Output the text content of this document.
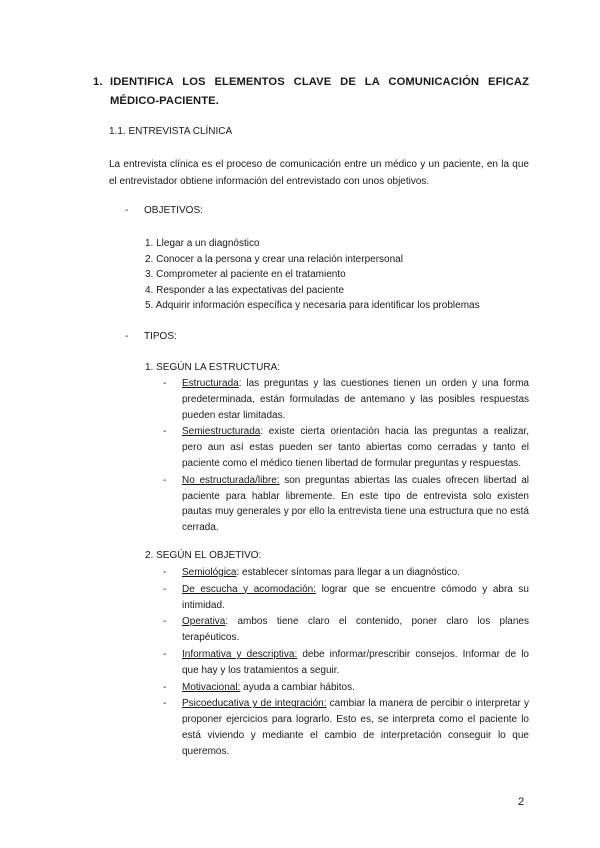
1. IDENTIFICA LOS ELEMENTOS CLAVE DE LA COMUNICACIÓN EFICAZ MÉDICO-PACIENTE.
1.1. ENTREVISTA CLÍNICA
La entrevista clínica es el proceso de comunicación entre un médico y un paciente, en la que el entrevistador obtiene información del entrevistado con unos objetivos.
- OBJETIVOS:
1. Llegar a un diagnóstico
2. Conocer a la persona y crear una relación interpersonal
3. Comprometer al paciente en el tratamiento
4. Responder a las expectativas del paciente
5. Adquirir información específica y necesaria para identificar los problemas
- TIPOS:
1. SEGÚN LA ESTRUCTURA:
- Estructurada: las preguntas y las cuestiones tienen un orden y una forma predeterminada, están formuladas de antemano y las posibles respuestas pueden estar limitadas.
- Semiestructurada: existe cierta orientación hacia las preguntas a realizar, pero aun así estas pueden ser tanto abiertas como cerradas y tanto el paciente como el médico tienen libertad de formular preguntas y respuestas.
- No estructurada/libre: son preguntas abiertas las cuales ofrecen libertad al paciente para hablar libremente. En este tipo de entrevista solo existen pautas muy generales y por ello la entrevista tiene una estructura que no está cerrada.
2. SEGÚN EL OBJETIVO:
- Semiológica: establecer síntomas para llegar a un diagnóstico.
- De escucha y acomodación: lograr que se encuentre cómodo y abra su intimidad.
- Operativa: ambos tiene claro el contenido, poner claro los planes terapéuticos.
- Informativa y descriptiva: debe informar/prescribir consejos. Informar de lo que hay y los tratamientos a seguir.
- Motivacional: ayuda a cambiar hábitos.
- Psicoeducativa y de integración: cambiar la manera de percibir o interpretar y proponer ejercicios para lograrlo. Esto es, se interpreta como el paciente lo está viviendo y mediante el cambio de interpretación conseguir lo que queremos.
2
